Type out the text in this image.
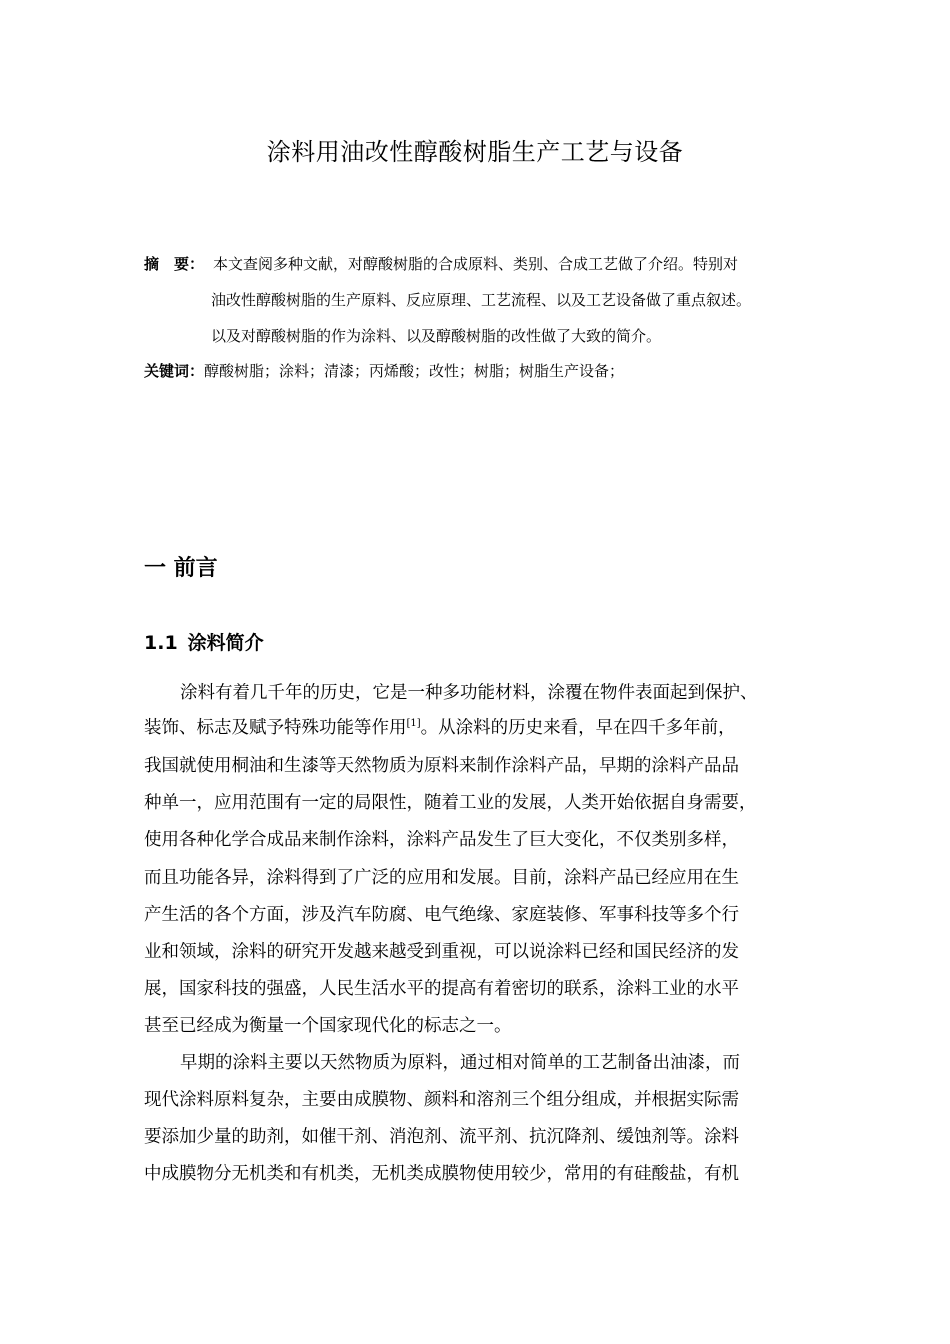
涂料用油改性醇酸树脂生产工艺与设备
摘　要： 本文查阅多种文献，对醇酸树脂的合成原料、类别、合成工艺做了介绍。特别对
油改性醇酸树脂的生产原料、反应原理、工艺流程、以及工艺设备做了重点叙述。
以及对醇酸树脂的作为涂料、以及醇酸树脂的改性做了大致的简介。
关键词：醇酸树脂；涂料；清漆；丙烯酸；改性；树脂；树脂生产设备；
一 前言
1.1 涂料简介
涂料有着几千年的历史，它是一种多功能材料，涂覆在物件表面起到保护、
装饰、标志及赋予特殊功能等作用[1]。从涂料的历史来看，早在四千多年前，
我国就使用桐油和生漆等天然物质为原料来制作涂料产品，早期的涂料产品品
种单一，应用范围有一定的局限性，随着工业的发展，人类开始依据自身需要，
使用各种化学合成品来制作涂料，涂料产品发生了巨大变化，不仅类别多样，
而且功能各异，涂料得到了广泛的应用和发展。目前，涂料产品已经应用在生
产生活的各个方面，涉及汽车防腐、电气绝缘、家庭装修、军事科技等多个行
业和领域，涂料的研究开发越来越受到重视，可以说涂料已经和国民经济的发
展，国家科技的强盛，人民生活水平的提高有着密切的联系，涂料工业的水平
甚至已经成为衡量一个国家现代化的标志之一。
早期的涂料主要以天然物质为原料，通过相对简单的工艺制备出油漆，而
现代涂料原料复杂，主要由成膜物、颜料和溶剂三个组分组成，并根据实际需
要添加少量的助剂，如催干剂、消泡剂、流平剂、抗沉降剂、缓蚀剂等。涂料
中成膜物分无机类和有机类，无机类成膜物使用较少，常用的有硅酸盐，有机
